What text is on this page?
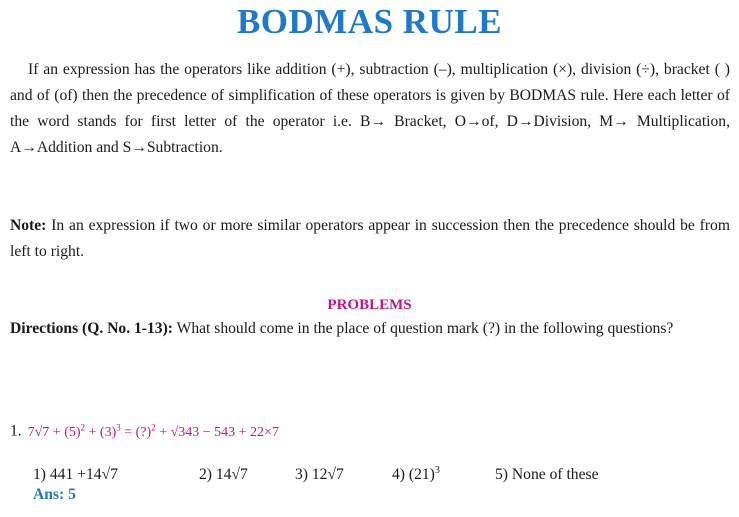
BODMAS RULE

If an expression has the operators like addition (+), subtraction (–), multiplication (×), division (÷), bracket ( ) and of (of) then the precedence of simplification of these operators is given by BODMAS rule. Here each letter of the word stands for first letter of the operator i.e. B→ Bracket, O→of, D→Division, M→ Multiplication, A→Addition and S→Subtraction.

Note: In an expression if two or more similar operators appear in succession then the precedence should be from left to right.

PROBLEMS

Directions (Q. No. 1-13): What should come in the place of question mark (?) in the following questions?

1. $7√7 + (5)^2 + (3)^3$ = (?)$^2$ + √343 − 543 + 22×7
1) 441 +14√7	2) 14√7	3) 12√7	4) $(21)^3$	5) None of these
Ans: 5
